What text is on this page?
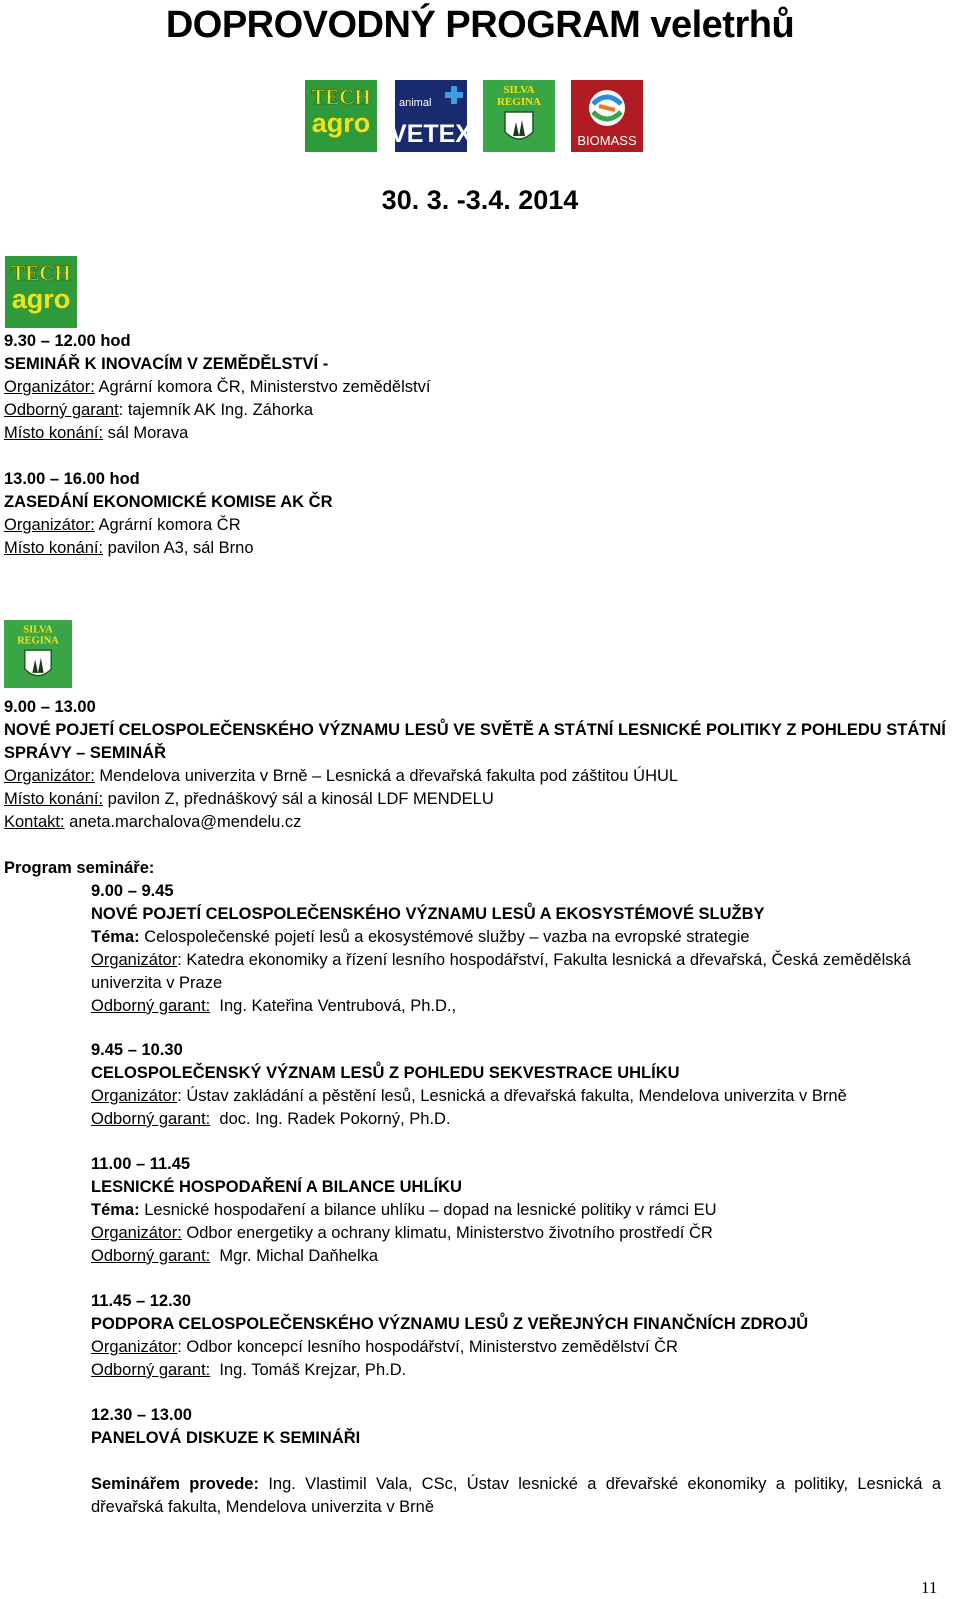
DOPROVODNÝ PROGRAM veletrhů
TECH
agro
animal
VETEX
SILVA
REGINA
BIOMASS
30. 3. -3.4. 2014
TECH
agro
9.30 – 12.00 hod
SEMINÁŘ K INOVACÍM V ZEMĚDĚLSTVÍ -
Organizátor: Agrární komora ČR, Ministerstvo zemědělství
Odborný garant: tajemník AK Ing. Záhorka
Místo konání: sál Morava
13.00 – 16.00 hod
ZASEDÁNÍ EKONOMICKÉ KOMISE AK ČR
Organizátor: Agrární komora ČR
Místo konání: pavilon A3, sál Brno
SILVA
REGINA
9.00 – 13.00
NOVÉ POJETÍ CELOSPOLEČENSKÉHO VÝZNAMU LESŮ VE SVĚTĚ A STÁTNÍ LESNICKÉ POLITIKY Z POHLEDU STÁTNÍ SPRÁVY – SEMINÁŘ
Organizátor: Mendelova univerzita v Brně – Lesnická a dřevařská fakulta pod záštitou ÚHUL
Místo konání: pavilon Z, přednáškový sál a kinosál LDF MENDELU
Kontakt: aneta.marchalova@mendelu.cz
Program semináře:
9.00 – 9.45
NOVÉ POJETÍ CELOSPOLEČENSKÉHO VÝZNAMU LESŮ A EKOSYSTÉMOVÉ SLUŽBY
Téma: Celospolečenské pojetí lesů a ekosystémové služby – vazba na evropské strategie
Organizátor: Katedra ekonomiky a řízení lesního hospodářství, Fakulta lesnická a dřevařská, Česká zemědělská univerzita v Praze
Odborný garant: Ing. Kateřina Ventrubová, Ph.D.,
9.45 – 10.30
CELOSPOLEČENSKÝ VÝZNAM LESŮ Z POHLEDU SEKVESTRACE UHLÍKU
Organizátor: Ústav zakládání a pěstění lesů, Lesnická a dřevařská fakulta, Mendelova univerzita v Brně
Odborný garant: doc. Ing. Radek Pokorný, Ph.D.
11.00 – 11.45
LESNICKÉ HOSPODAŘENÍ A BILANCE UHLÍKU
Téma: Lesnické hospodaření a bilance uhlíku – dopad na lesnické politiky v rámci EU
Organizátor: Odbor energetiky a ochrany klimatu, Ministerstvo životního prostředí ČR
Odborný garant: Mgr. Michal Daňhelka
11.45 – 12.30
PODPORA CELOSPOLEČENSKÉHO VÝZNAMU LESŮ Z VEŘEJNÝCH FINANČNÍCH ZDROJŮ
Organizátor: Odbor koncepcí lesního hospodářství, Ministerstvo zemědělství ČR
Odborný garant: Ing. Tomáš Krejzar, Ph.D.
12.30 – 13.00
PANELOVÁ DISKUZE K SEMINÁŘI
Seminářem provede: Ing. Vlastimil Vala, CSc, Ústav lesnické a dřevařské ekonomiky a politiky, Lesnická a dřevařská fakulta, Mendelova univerzita v Brně
11
